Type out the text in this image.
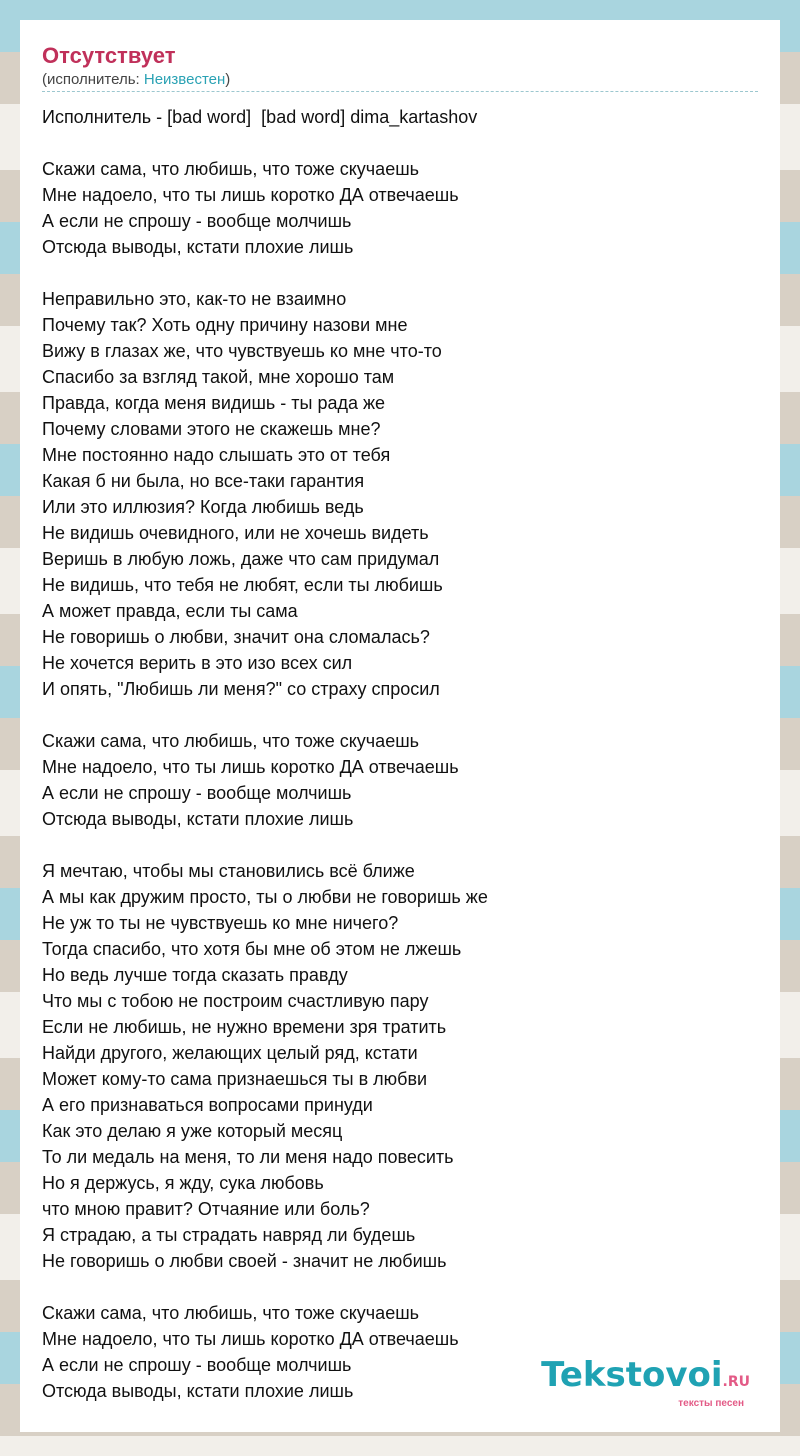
Отсутствует
(исполнитель: Неизвестен)
Исполнитель - [bad word]  [bad word] dima_kartashov
Скажи сама, что любишь, что тоже скучаешь
Мне надоело, что ты лишь коротко ДА отвечаешь
А если не спрошу - вообще молчишь
Отсюда выводы, кстати плохие лишь
Неправильно это, как-то не взаимно
Почему так? Хоть одну причину назови мне
Вижу в глазах же, что чувствуешь ко мне что-то
Спасибо за взгляд такой, мне хорошо там
Правда, когда меня видишь - ты рада же
Почему словами этого не скажешь мне?
Мне постоянно надо слышать это от тебя
Какая б ни была, но все-таки гарантия
Или это иллюзия? Когда любишь ведь
Не видишь очевидного, или не хочешь видеть
Веришь в любую ложь, даже что сам придумал
Не видишь, что тебя не любят, если ты любишь
А может правда, если ты сама
Не говоришь о любви, значит она сломалась?
Не хочется верить в это изо всех сил
И опять, "Любишь ли меня?" со страху спросил
Скажи сама, что любишь, что тоже скучаешь
Мне надоело, что ты лишь коротко ДА отвечаешь
А если не спрошу - вообще молчишь
Отсюда выводы, кстати плохие лишь
Я мечтаю, чтобы мы становились всё ближе
А мы как дружим просто, ты о любви не говоришь же
Не уж то ты не чувствуешь ко мне ничего?
Тогда спасибо, что хотя бы мне об этом не лжешь
Но ведь лучше тогда сказать правду
Что мы с тобою не построим счастливую пару
Если не любишь, не нужно времени зря тратить
Найди другого, желающих целый ряд, кстати
Может кому-то сама признаешься ты в любви
А его признаваться вопросами принуди
Как это делаю я уже который месяц
То ли медаль на меня, то ли меня надо повесить
Но я держусь, я жду, сука любовь
что мною правит? Отчаяние или боль?
Я страдаю, а ты страдать навряд ли будешь
Не говоришь о любви своей - значит не любишь
Скажи сама, что любишь, что тоже скучаешь
Мне надоело, что ты лишь коротко ДА отвечаешь
А если не спрошу - вообще молчишь
Отсюда выводы, кстати плохие лишь	Tekstovoi.RU
тексты песен
